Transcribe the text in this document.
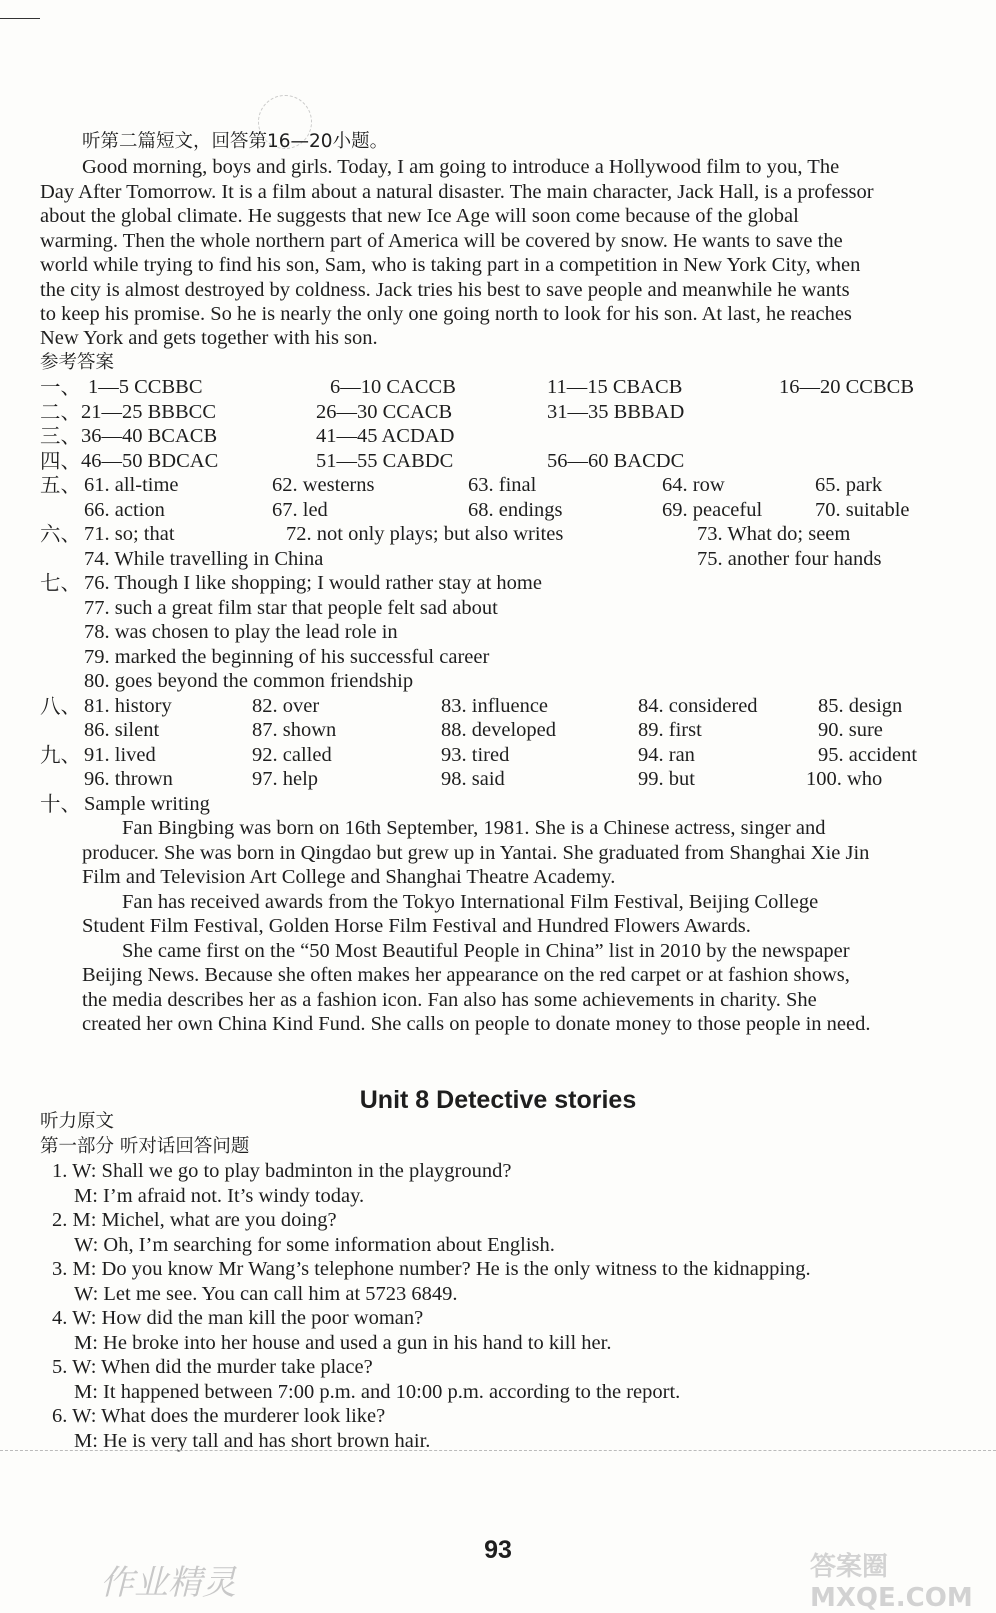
听第二篇短文，回答第16—20小题。
Good morning, boys and girls. Today, I am going to introduce a Hollywood film to you, The
Day After Tomorrow. It is a film about a natural disaster. The main character, Jack Hall, is a professor
about the global climate. He suggests that new Ice Age will soon come because of the global
warming. Then the whole northern part of America will be covered by snow. He wants to save the
world while trying to find his son, Sam, who is taking part in a competition in New York City, when
the city is almost destroyed by coldness. Jack tries his best to save people and meanwhile he wants
to keep his promise. So he is nearly the only one going north to look for his son. At last, he reaches
New York and gets together with his son.
参考答案
一、 1—5 CCBBC	6—10 CACCB	11—15 CBACB	16—20 CCBCB
二、 21—25 BBBCC	26—30 CCACB	31—35 BBBAD
三、 36—40 BCACB	41—45 ACDAD
四、 46—50 BDCAC	51—55 CABDC	56—60 BACDC
五、 61. all-time	62. westerns	63. final	64. row	65. park
66. action	67. led	68. endings	69. peaceful	70. suitable
六、 71. so; that	72. not only plays; but also writes	73. What do; seem
74. While travelling in China	75. another four hands
七、 76. Though I like shopping; I would rather stay at home
77. such a great film star that people felt sad about
78. was chosen to play the lead role in
79. marked the beginning of his successful career
80. goes beyond the common friendship
八、 81. history	82. over	83. influence	84. considered	85. design
86. silent	87. shown	88. developed	89. first	90. sure
九、 91. lived	92. called	93. tired	94. ran	95. accident
96. thrown	97. help	98. said	99. but	100. who
十、 Sample writing
Fan Bingbing was born on 16th September, 1981. She is a Chinese actress, singer and
producer. She was born in Qingdao but grew up in Yantai. She graduated from Shanghai Xie Jin
Film and Television Art College and Shanghai Theatre Academy.
Fan has received awards from the Tokyo International Film Festival, Beijing College
Student Film Festival, Golden Horse Film Festival and Hundred Flowers Awards.
She came first on the “50 Most Beautiful People in China” list in 2010 by the newspaper
Beijing News. Because she often makes her appearance on the red carpet or at fashion shows,
the media describes her as a fashion icon. Fan also has some achievements in charity. She
created her own China Kind Fund. She calls on people to donate money to those people in need.
Unit 8 Detective stories
听力原文
第一部分 听对话回答问题
1. W: Shall we go to play badminton in the playground?
M: I’m afraid not. It’s windy today.
2. M: Michel, what are you doing?
W: Oh, I’m searching for some information about English.
3. M: Do you know Mr Wang’s telephone number? He is the only witness to the kidnapping.
W: Let me see. You can call him at 5723 6849.
4. W: How did the man kill the poor woman?
M: He broke into her house and used a gun in his hand to kill her.
5. W: When did the murder take place?
M: It happened between 7:00 p.m. and 10:00 p.m. according to the report.
6. W: What does the murderer look like?
M: He is very tall and has short brown hair.
93
作业精灵	答案圈 MXQE.COM
